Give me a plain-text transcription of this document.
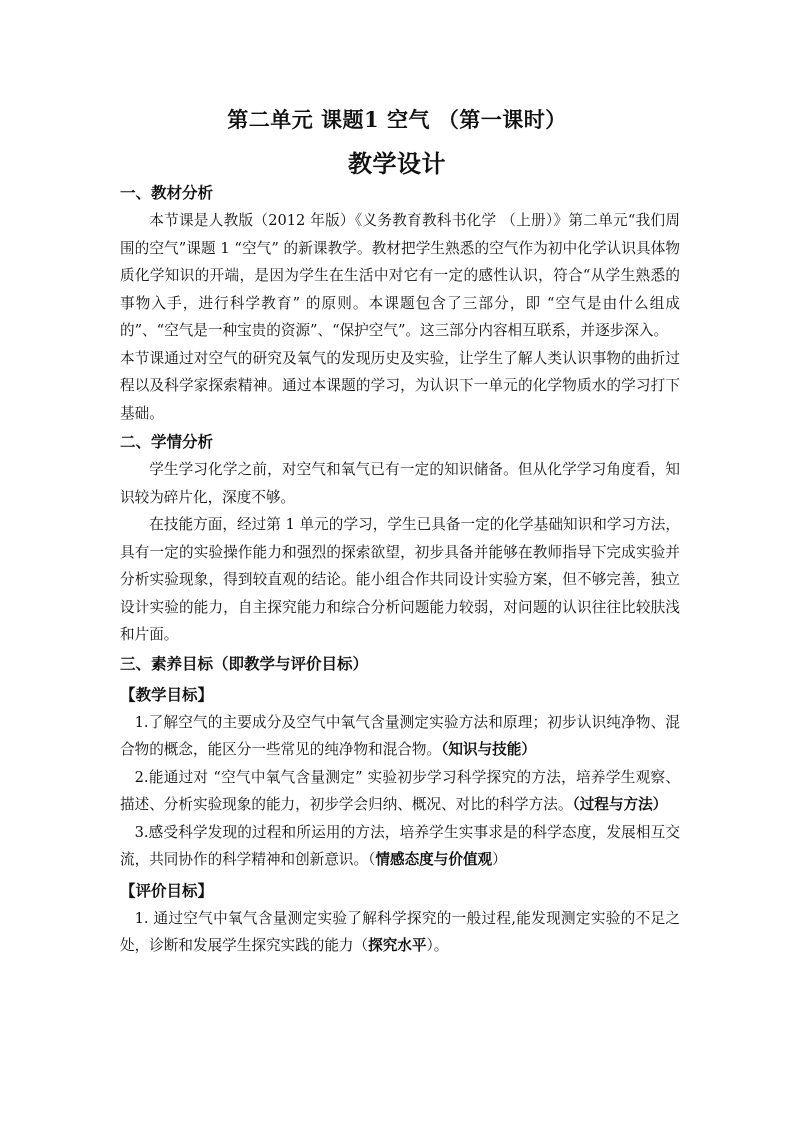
第二单元 课题1 空气 （第一课时）
教学设计

一、教材分析

本节课是人教版（2012 年版）《义务教育教科书化学 （上册）》第二单元“我们周围的空气”课题 1 “空气” 的新课教学。教材把学生熟悉的空气作为初中化学认识具体物质化学知识的开端，是因为学生在生活中对它有一定的感性认识，符合“从学生熟悉的事物入手，进行科学教育” 的原则。本课题包含了三部分，即 “空气是由什么组成的”、“空气是一种宝贵的资源”、“保护空气”。这三部分内容相互联系，并逐步深入。

本节课通过对空气的研究及氧气的发现历史及实验，让学生了解人类认识事物的曲折过程以及科学家探索精神。通过本课题的学习，为认识下一单元的化学物质水的学习打下基础。

二、学情分析

学生学习化学之前，对空气和氧气已有一定的知识储备。但从化学学习角度看，知识较为碎片化，深度不够。

在技能方面，经过第 1 单元的学习，学生已具备一定的化学基础知识和学习方法，具有一定的实验操作能力和强烈的探索欲望，初步具备并能够在教师指导下完成实验并分析实验现象，得到较直观的结论。能小组合作共同设计实验方案，但不够完善，独立设计实验的能力，自主探究能力和综合分析问题能力较弱，对问题的认识往往比较肤浅和片面。

三、素养目标（即教学与评价目标）

【教学目标】

1.了解空气的主要成分及空气中氧气含量测定实验方法和原理；初步认识纯净物、混合物的概念，能区分一些常见的纯净物和混合物。（知识与技能）

2.能通过对 “空气中氧气含量测定” 实验初步学习科学探究的方法，培养学生观察、描述、分析实验现象的能力，初步学会归纳、概况、对比的科学方法。（过程与方法）

3.感受科学发现的过程和所运用的方法，培养学生实事求是的科学态度，发展相互交流，共同协作的科学精神和创新意识。（情感态度与价值观）

【评价目标】

1. 通过空气中氧气含量测定实验了解科学探究的一般过程,能发现测定实验的不足之处，诊断和发展学生探究实践的能力（探究水平）。
